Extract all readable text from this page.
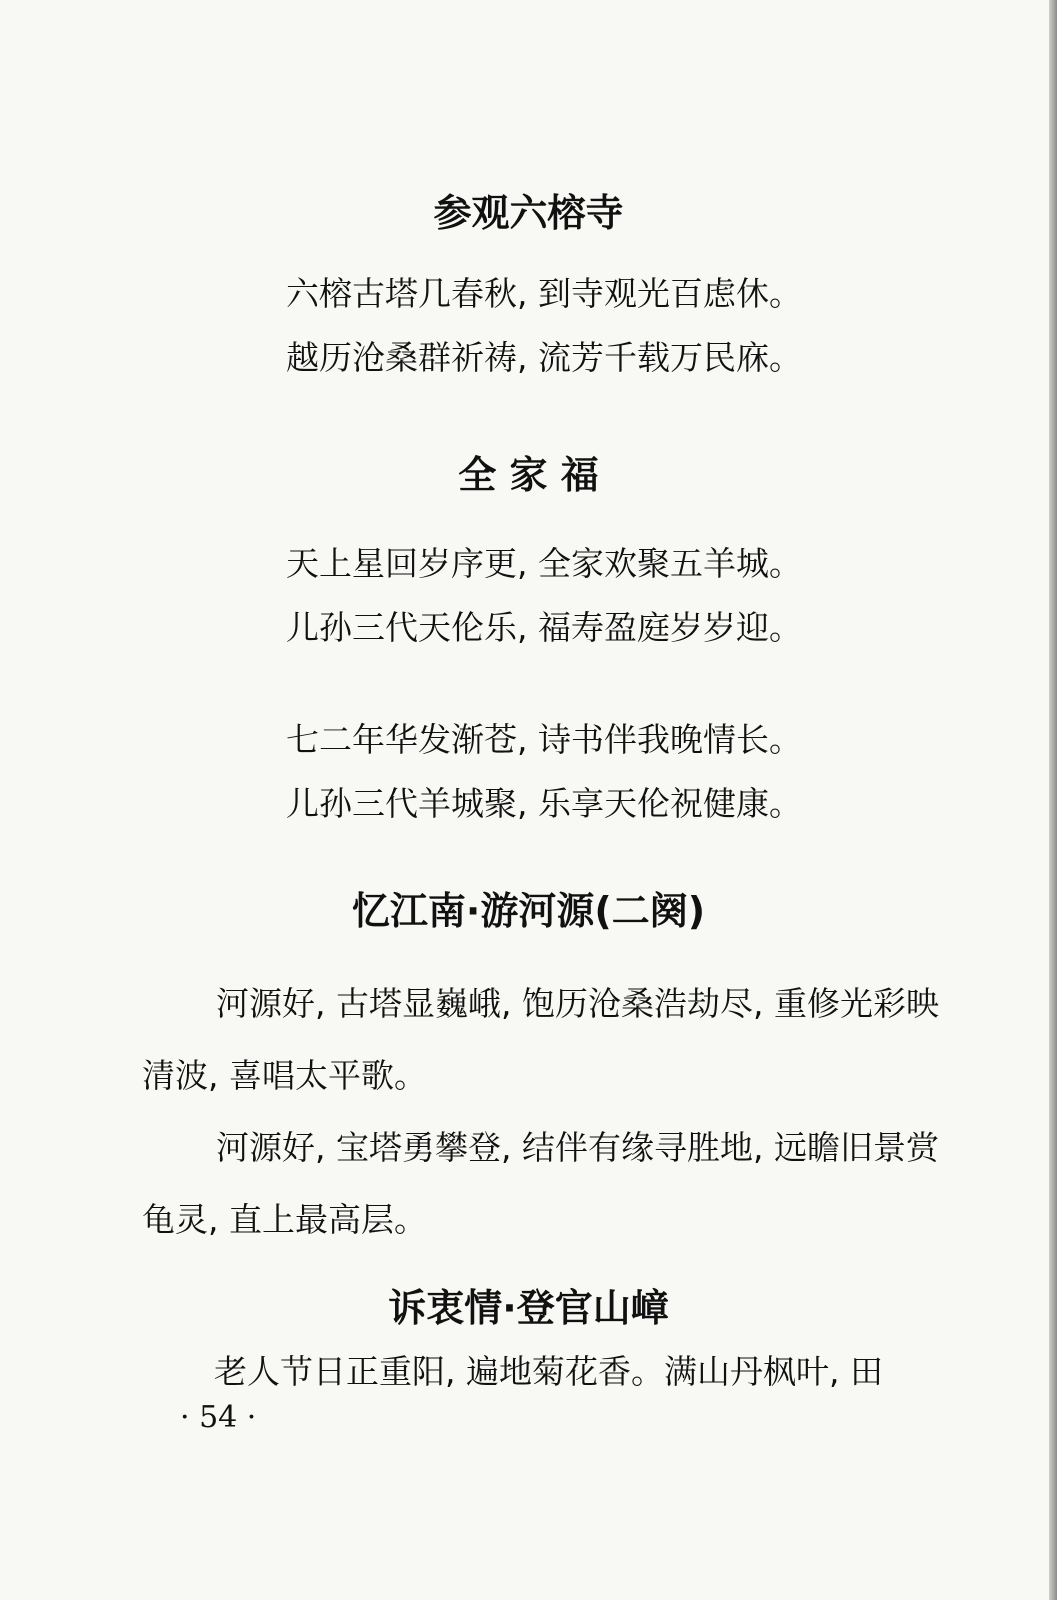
参观六榕寺

六榕古塔几春秋, 到寺观光百虑休。

越历沧桑群祈祷, 流芳千载万民庥。

全 家 福

天上星回岁序更, 全家欢聚五羊城。

儿孙三代天伦乐, 福寿盈庭岁岁迎。

七二年华发渐苍, 诗书伴我晚情长。

儿孙三代羊城聚, 乐享天伦祝健康。

忆江南·游河源(二阕)

河源好, 古塔显巍峨, 饱历沧桑浩劫尽, 重修光彩映清波, 喜唱太平歌。

河源好, 宝塔勇攀登, 结伴有缘寻胜地, 远瞻旧景赏龟灵, 直上最高层。

诉衷情·登官山嶂

老人节日正重阳, 遍地菊花香。满山丹枫叶, 田

· 54 ·
